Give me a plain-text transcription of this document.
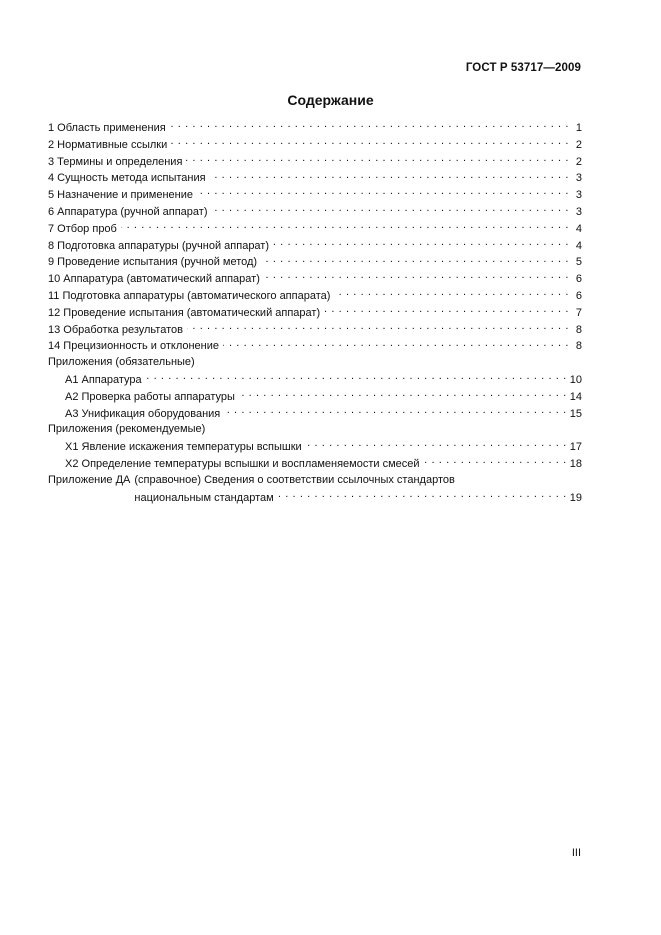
ГОСТ Р 53717—2009
Содержание
1 Область применения . . .	1
2 Нормативные ссылки . . .	2
3 Термины и определения . . .	2
4 Сущность метода испытания . . .	3
5 Назначение и применение . . .	3
6 Аппаратура (ручной аппарат) . . .	3
7 Отбор проб . . .	4
8 Подготовка аппаратуры (ручной аппарат) . . .	4
9 Проведение испытания (ручной метод) . . .	5
10 Аппаратура (автоматический аппарат) . . .	6
11 Подготовка аппаратуры (автоматического аппарата) . . .	6
12 Проведение испытания (автоматический аппарат) . . .	7
13 Обработка результатов . . .	8
14 Прецизионность и отклонение . . .	8
Приложения (обязательные)
А1 Аппаратура . . .	10
А2 Проверка работы аппаратуры . . .	14
А3 Унификация оборудования . . .	15
Приложения (рекомендуемые)
Х1 Явление искажения температуры вспышки . . .	17
Х2 Определение температуры вспышки и воспламеняемости смесей . . .	18
Приложение ДА (справочное) Сведения о соответствии ссылочных стандартов
национальным стандартам . . .	19
III
